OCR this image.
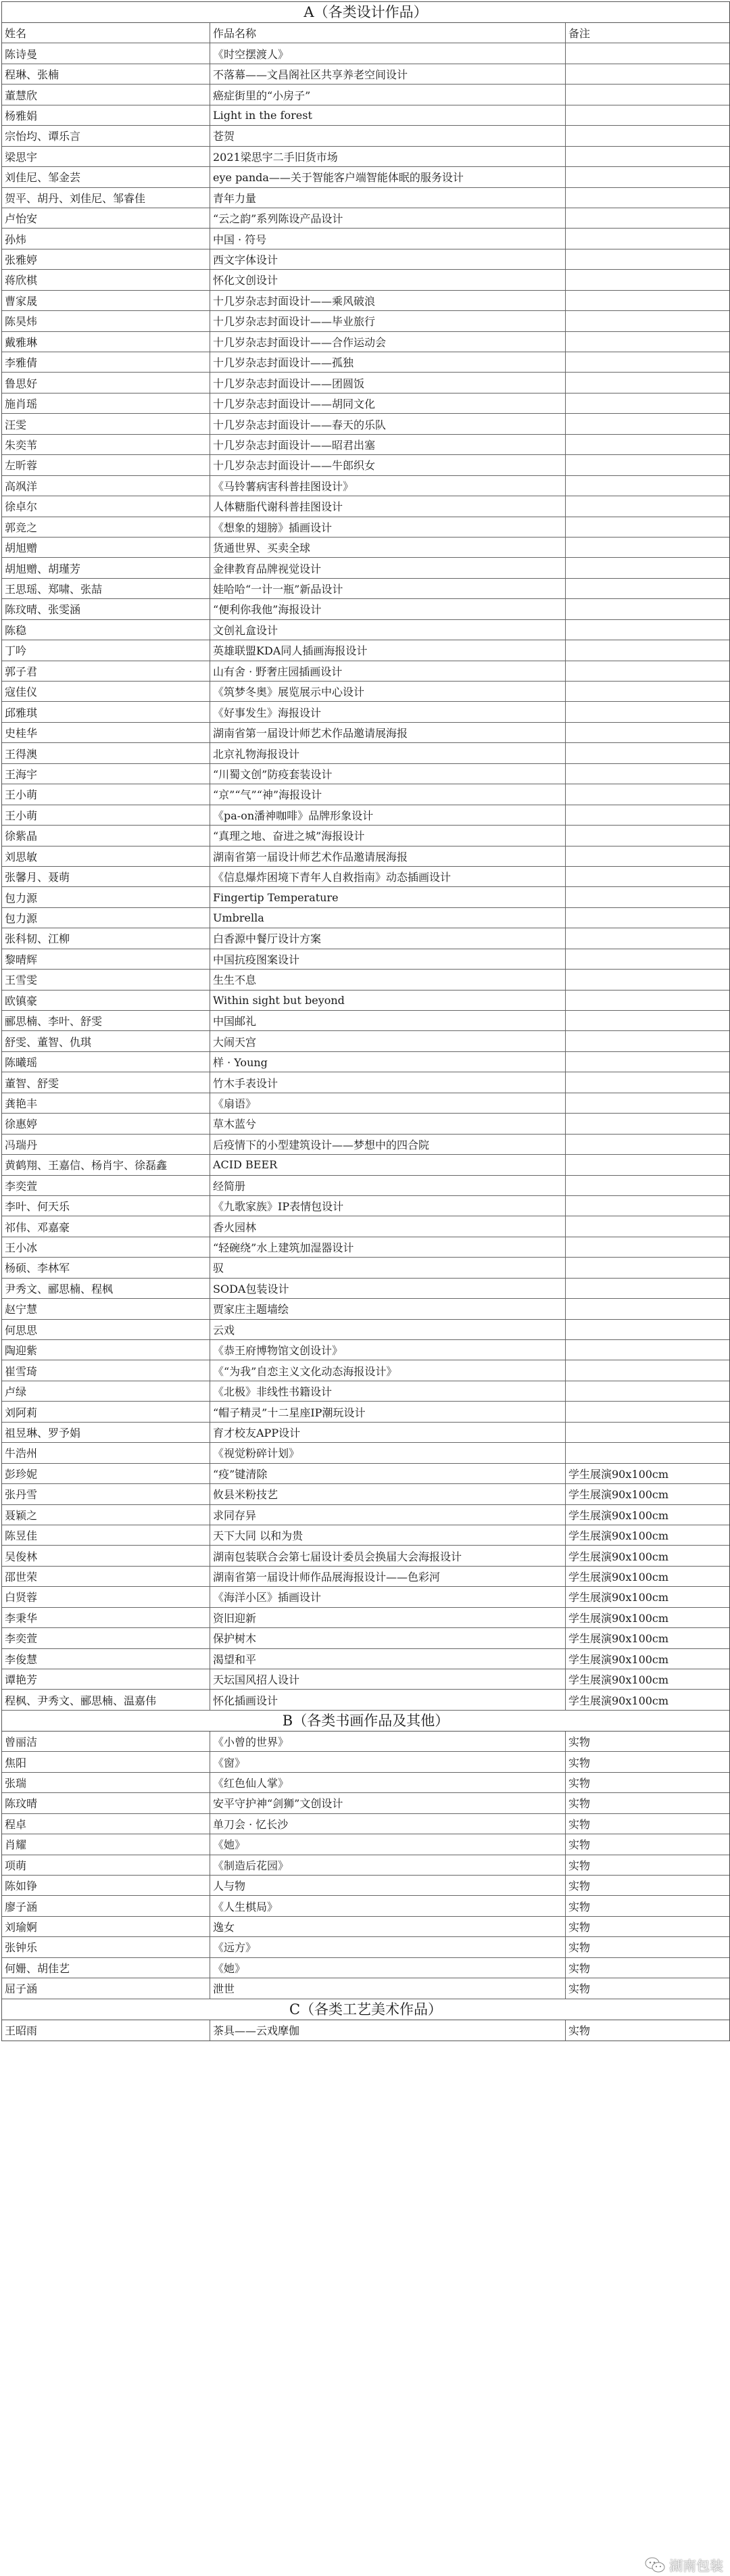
A（各类设计作品）
姓名	作品名称	备注
陈诗曼	《时空摆渡人》
程琳、张楠	不落幕——文昌阁社区共享养老空间设计
董慧欣	癌症街里的“小房子”
杨雅娟	Light in the forest
宗怡均、谭乐言	苍贺
梁思宇	2021梁思宇二手旧货市场
刘佳尼、邹金芸	eye panda——关于智能客户端智能体眠的服务设计
贺平、胡丹、刘佳尼、邹睿佳	青年力量
卢怡安	“云之韵”系列陈设产品设计
孙炜	中国 · 符号
张雅婷	西文字体设计
蒋欣棋	怀化文创设计
曹家晟	十几岁杂志封面设计——乘风破浪
陈昊炜	十几岁杂志封面设计——毕业旅行
戴雅琳	十几岁杂志封面设计——合作运动会
李雅倩	十几岁杂志封面设计——孤独
鲁思好	十几岁杂志封面设计——团圆饭
施肖瑶	十几岁杂志封面设计——胡同文化
汪雯	十几岁杂志封面设计——春天的乐队
朱奕苇	十几岁杂志封面设计——昭君出塞
左昕蓉	十几岁杂志封面设计——牛郎织女
高飒洋	《马铃薯病害科普挂图设计》
徐卓尔	人体糖脂代谢科普挂图设计
郭竞之	《想象的翅膀》插画设计
胡旭赠	货通世界、买卖全球
胡旭赠、胡瑾芳	金律教育品牌视觉设计
王思瑶、郑啸、张喆	娃哈哈“一计一瓶”新品设计
陈玟晴、张雯涵	“便利你我他”海报设计
陈稳	文创礼盒设计
丁吟	英雄联盟KDA同人插画海报设计
郭子君	山有舍 · 野奢庄园插画设计
寇佳仪	《筑梦冬奥》展览展示中心设计
邱雅琪	《好事发生》海报设计
史桂华	湖南省第一届设计师艺术作品邀请展海报
王得澳	北京礼物海报设计
王海宇	“川蜀文创”防疫套装设计
王小萌	“京”“气”“神”海报设计
王小萌	《pa-on潘神咖啡》品牌形象设计
徐紫晶	“真理之地、奋进之城”海报设计
刘思敏	湖南省第一届设计师艺术作品邀请展海报
张馨月、聂萌	《信息爆炸困境下青年人自救指南》动态插画设计
包力源	Fingertip Temperature
包力源	Umbrella
张科韧、江柳	白香源中餐厅设计方案
黎晴辉	中国抗疫图案设计
王雪雯	生生不息
欧镇豪	Within sight but beyond
郦思楠、李叶、舒雯	中国邮礼
舒雯、董智、仇琪	大闹天宫
陈曦瑶	样 · Young
董智、舒雯	竹木手表设计
龚艳丰	《扇语》
徐惠婷	草木蓝兮
冯瑞丹	后疫情下的小型建筑设计——梦想中的四合院
黄鹤翔、王嘉信、杨肖宇、徐磊鑫	ACID BEER
李奕萱	经简册
李叶、何天乐	《九歌家族》IP表情包设计
祁伟、邓嘉豪	香火园林
王小冰	“轻碗绕”水上建筑加湿器设计
杨硕、李林军	驭
尹秀文、郦思楠、程枫	SODA包装设计
赵宁慧	贾家庄主题墙绘
何思思	云戏
陶迎紫	《恭王府博物馆文创设计》
崔雪琦	《“为我”自恋主义文化动态海报设计》
卢绿	《北极》非线性书籍设计
刘阿莉	“帽子精灵”十二星座IP潮玩设计
祖昱琳、罗予娟	育才校友APP设计
牛浩州	《视觉粉碎计划》
彭珍妮	“疫”键清除	学生展演90x100cm
张丹雪	攸县米粉技艺	学生展演90x100cm
聂颖之	求同存异	学生展演90x100cm
陈昱佳	天下大同 以和为贵	学生展演90x100cm
吴俊林	湖南包装联合会第七届设计委员会换届大会海报设计	学生展演90x100cm
邵世荣	湖南省第一届设计师作品展海报设计——色彩河	学生展演90x100cm
白贤蓉	《海洋小区》插画设计	学生展演90x100cm
李秉华	资旧迎新	学生展演90x100cm
李奕萱	保护树木	学生展演90x100cm
李俊慧	渴望和平	学生展演90x100cm
谭艳芳	天坛国风招人设计	学生展演90x100cm
程枫、尹秀文、郦思楠、温嘉伟	怀化插画设计	学生展演90x100cm
B（各类书画作品及其他）
曾丽洁	《小曾的世界》	实物
焦阳	《窗》	实物
张瑞	《红色仙人掌》	实物
陈玟晴	安平守护神“剑狮”文创设计	实物
程卓	单刀会 · 忆长沙	实物
肖耀	《她》	实物
项萌	《制造后花园》	实物
陈如铮	人与物	实物
廖子涵	《人生棋局》	实物
刘瑜婀	逸女	实物
张钟乐	《远方》	实物
何姗、胡佳艺	《她》	实物
屈子涵	泄世	实物
C（各类工艺美术作品）
王昭雨	茶具——云戏摩伽	实物
湖南包装
